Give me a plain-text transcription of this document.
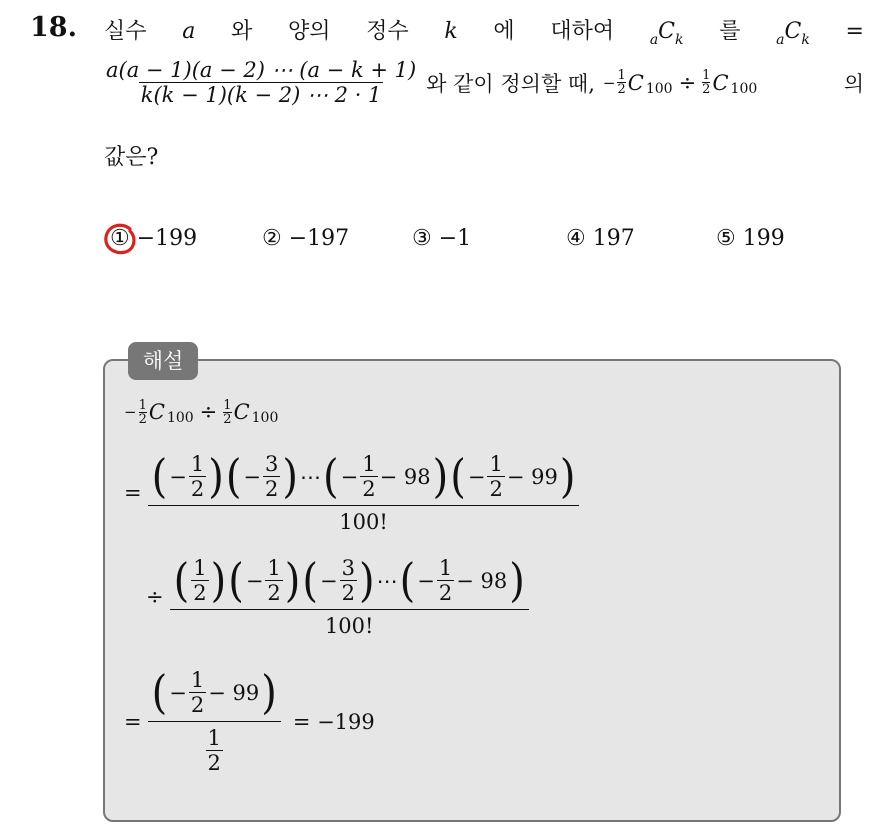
18. 실수 a 와 양의 정수 k 에 대하여	$_aC_k$ 를	$_aC_k$ =
$\frac{a(a - 1)(a - 2) \cdots (a - k + 1)}{k(k - 1)(k - 2) \cdots 2 \cdot 1}$ 와 같이 정의할 때, − $\frac{1}{2}$ C $100 \div \frac{1}{2}$ C 100	의
값은?
① −199	② −197	③ −1	④ 197	⑤ 199
해설
− $\frac{1}{2}$ C $100 \div \frac{1}{2}$ C 100
= $\frac{( - \frac{1}{2} ) ( - \frac{3}{2} ) \cdots ( - \frac{1}{2} - 98 ) ( - \frac{1}{2} - 99 )}{100!}$
÷ $\frac{( \frac{1}{2} ) ( - \frac{1}{2} ) ( - \frac{3}{2} ) \cdots ( - \frac{1}{2} - 98 )}{100!}$
= $\frac{( - \frac{1}{2} - 99 )}{\frac{1}{2}} = -199$
